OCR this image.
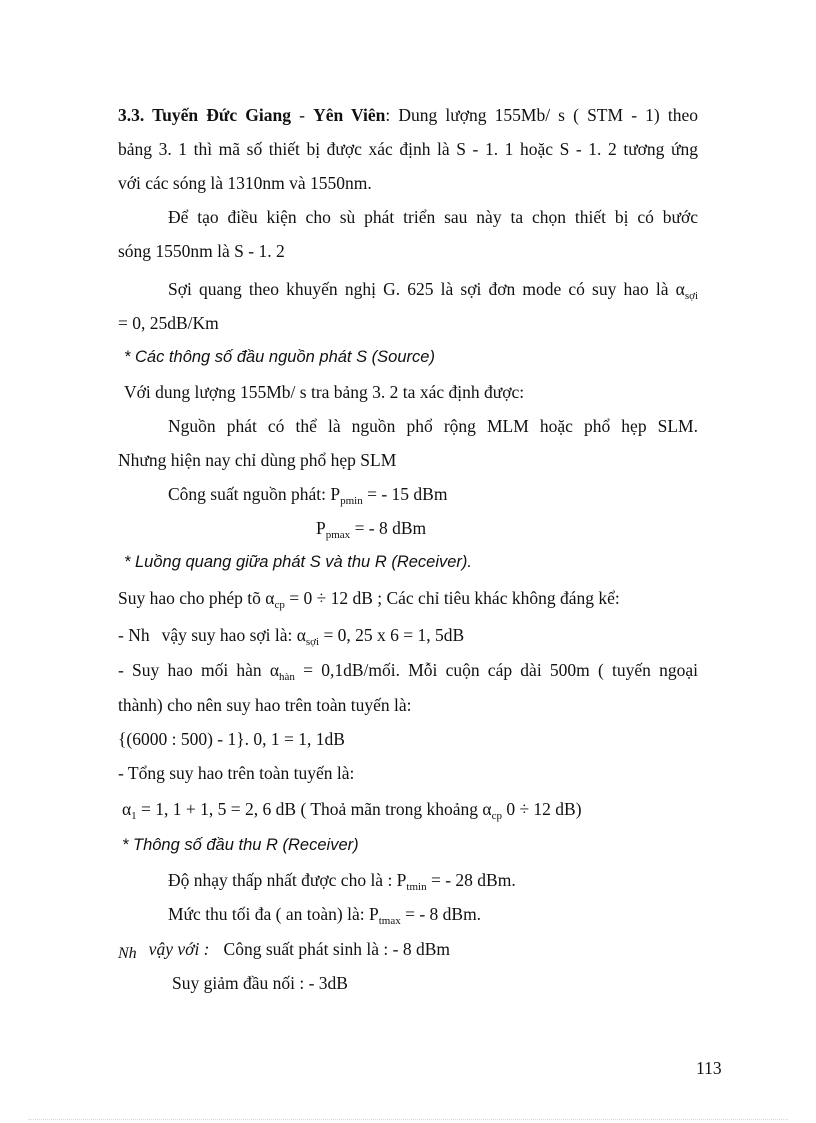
3.3. Tuyến Đức Giang - Yên Viên: Dung lượng 155Mb/ s ( STM - 1) theo
bảng 3. 1 thì mã số thiết bị được xác định là S - 1. 1 hoặc S - 1. 2 tương ứng
với các sóng là 1310nm và 1550nm.
Để tạo điều kiện cho sù phát triển sau này ta chọn thiết bị có bước
sóng 1550nm là S - 1. 2
Sợi quang theo khuyến nghị G. 625 là sợi đơn mode có suy hao là $\alpha_{sợi}$
= 0, 25dB/Km
* Các thông số đầu nguồn phát S (Source)
Với dung lượng 155Mb/ s tra bảng 3. 2 ta xác định được:
Nguồn phát có thể là nguồn phổ rộng MLM hoặc phổ hẹp SLM.
Nhưng hiện nay chỉ dùng phổ hẹp SLM
Công suất nguồn phát: $P_{pmin}$ = - 15 dBm
$P_{pmax}$ = - 8 dBm
* Luồng quang giữa phát S và thu R (Receiver).
Suy hao cho phép tõ $\alpha_{cp} = 0 \div 12$ dB ; Các chỉ tiêu khác không đáng kể:
- Nh vậy suy hao sợi là: $\alpha_{sợi} = 0$, 25 x 6 = 1, 5dB
- Suy hao mối hàn $\alpha_{hàn}$ = 0,1dB/mối. Mỗi cuộn cáp dài 500m ( tuyến ngoại
thành) cho nên suy hao trên toàn tuyến là:
{(6000 : 500) - 1}. 0, 1 = 1, 1dB
- Tổng suy hao trên toàn tuyến là:
$\alpha_1 = 1$, 1 + 1, 5 = 2, 6 dB ( Thoả mãn trong khoảng $\alpha_{cp}$ 0 ÷ 12 dB)
* Thông số đầu thu R (Receiver)
Độ nhạy thấp nhất được cho là : $P_{tmin}$ = - 28 dBm.
Mức thu tối đa ( an toàn) là: $P_{tmax}$ = - 8 dBm.
Nh vậy với : Công suất phát sinh là : - 8 dBm
Suy giảm đầu nối : - 3dB
113
